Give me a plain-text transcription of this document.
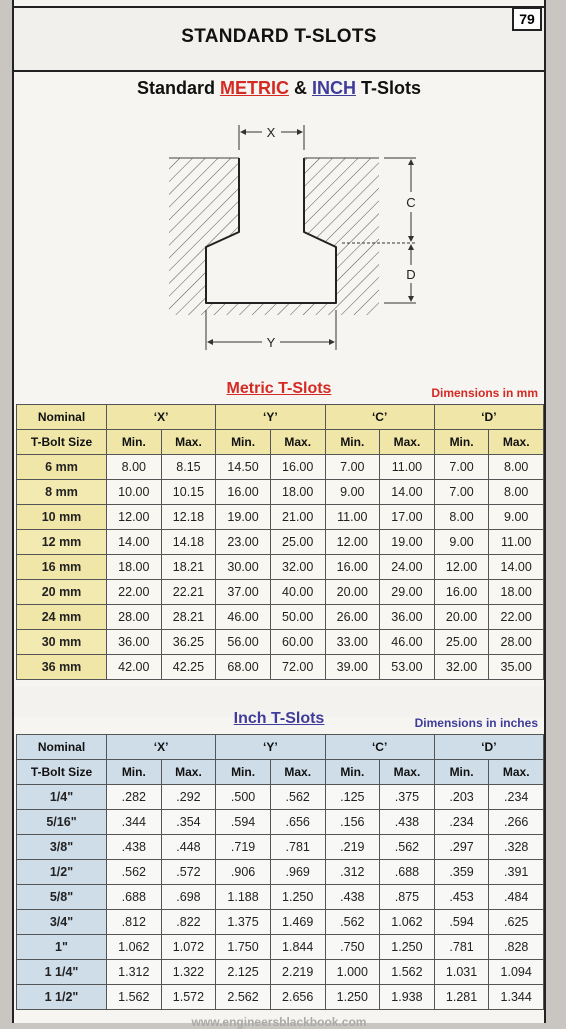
STANDARD T-SLOTS
79
Standard METRIC & INCH T-Slots
X
C
D
Y
Metric T-Slots	Dimensions in mm
Nominal	‘X’		‘Y’		‘C’		‘D’	
T-Bolt Size	Min.	Max.	Min.	Max.	Min.	Max.	Min.	Max.
6 mm	8.00	8.15	14.50	16.00	7.00	11.00	7.00	8.00
8 mm	10.00	10.15	16.00	18.00	9.00	14.00	7.00	8.00
10 mm	12.00	12.18	19.00	21.00	11.00	17.00	8.00	9.00
12 mm	14.00	14.18	23.00	25.00	12.00	19.00	9.00	11.00
16 mm	18.00	18.21	30.00	32.00	16.00	24.00	12.00	14.00
20 mm	22.00	22.21	37.00	40.00	20.00	29.00	16.00	18.00
24 mm	28.00	28.21	46.00	50.00	26.00	36.00	20.00	22.00
30 mm	36.00	36.25	56.00	60.00	33.00	46.00	25.00	28.00
36 mm	42.00	42.25	68.00	72.00	39.00	53.00	32.00	35.00
Inch T-Slots	Dimensions in inches
Nominal	‘X’		‘Y’		‘C’		‘D’	
T-Bolt Size	Min.	Max.	Min.	Max.	Min.	Max.	Min.	Max.
1/4"	.282	.292	.500	.562	.125	.375	.203	.234
5/16"	.344	.354	.594	.656	.156	.438	.234	.266
3/8"	.438	.448	.719	.781	.219	.562	.297	.328
1/2"	.562	.572	.906	.969	.312	.688	.359	.391
5/8"	.688	.698	1.188	1.250	.438	.875	.453	.484
3/4"	.812	.822	1.375	1.469	.562	1.062	.594	.625
1"	1.062	1.072	1.750	1.844	.750	1.250	.781	.828
1 1/4"	1.312	1.322	2.125	2.219	1.000	1.562	1.031	1.094
1 1/2"	1.562	1.572	2.562	2.656	1.250	1.938	1.281	1.344
www.engineersblackbook.com
